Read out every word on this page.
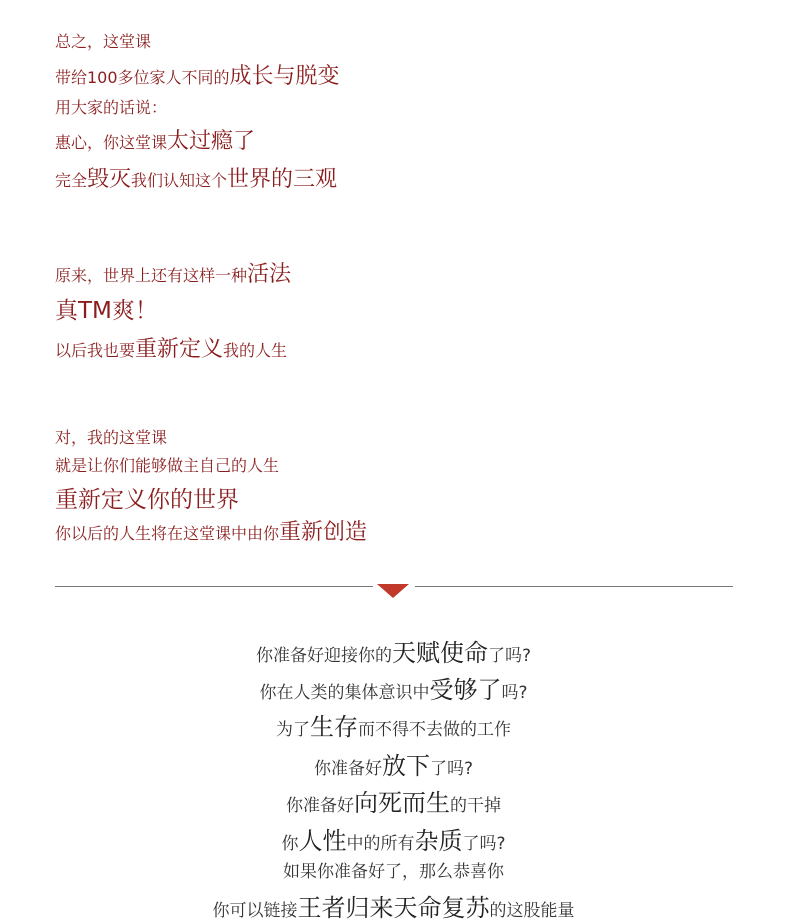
总之，这堂课
带给100多位家人不同的成长与脱变
用大家的话说：
惠心，你这堂课太过瘾了
完全毁灭我们认知这个世界的三观
原来，世界上还有这样一种活法
真TM爽！
以后我也要重新定义我的人生
对，我的这堂课
就是让你们能够做主自己的人生
重新定义你的世界
你以后的人生将在这堂课中由你重新创造
你准备好迎接你的天赋使命了吗?
你在人类的集体意识中受够了吗?
为了生存而不得不去做的工作
你准备好放下了吗?
你准备好向死而生的干掉
你人性中的所有杂质了吗?
如果你准备好了，那么恭喜你
你可以链接王者归来天命复苏的这股能量
